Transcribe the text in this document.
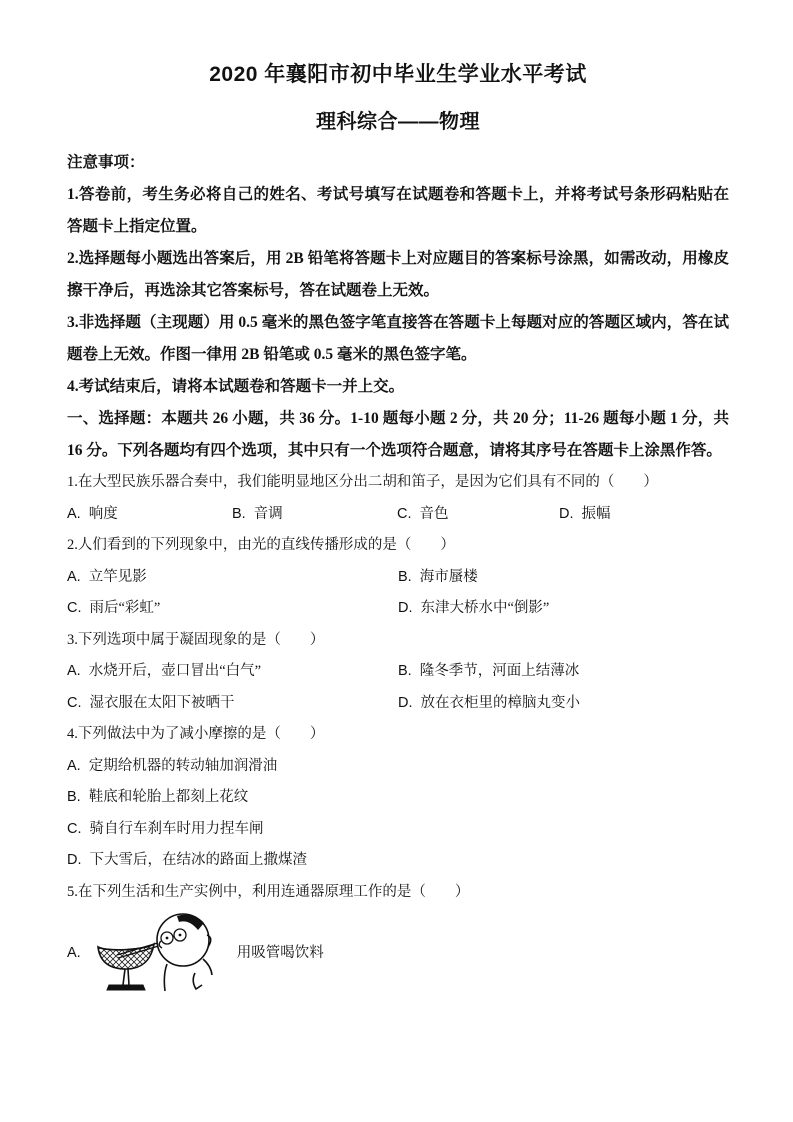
2020 年襄阳市初中毕业生学业水平考试
理科综合——物理
注意事项：

1.答卷前，考生务必将自己的姓名、考试号填写在试题卷和答题卡上，并将考试号条形码粘贴在答题卡上指定位置。

2.选择题每小题选出答案后，用 2B 铅笔将答题卡上对应题目的答案标号涂黑，如需改动，用橡皮擦干净后，再选涂其它答案标号，答在试题卷上无效。

3.非选择题（主现题）用 0.5 毫米的黑色签字笔直接答在答题卡上每题对应的答题区域内，答在试题卷上无效。作图一律用 2B 铅笔或 0.5 毫米的黑色签字笔。

4.考试结束后，请将本试题卷和答题卡一并上交。

一、选择题：本题共 26 小题，共 36 分。1-10 题每小题 2 分，共 20 分；11-26 题每小题 1 分，共 16 分。下列各题均有四个选项，其中只有一个选项符合题意，请将其序号在答题卡上涂黑作答。

1.在大型民族乐器合奏中，我们能明显地区分出二胡和笛子，是因为它们具有不同的（　　）
A. 响度	B. 音调	C. 音色	D. 振幅
2.人们看到的下列现象中，由光的直线传播形成的是（　　）
A. 立竿见影	B. 海市蜃楼
C. 雨后“彩虹”	D. 东津大桥水中“倒影”
3.下列选项中属于凝固现象的是（　　）
A. 水烧开后，壶口冒出“白气”	B. 隆冬季节，河面上结薄冰
C. 湿衣服在太阳下被晒干	D. 放在衣柜里的樟脑丸变小
4.下列做法中为了减小摩擦的是（　　）
A. 定期给机器的转动轴加润滑油
B. 鞋底和轮胎上都刻上花纹
C. 骑自行车刹车时用力捏车闸
D. 下大雪后，在结冰的路面上撒煤渣
5.在下列生活和生产实例中，利用连通器原理工作的是（　　）
A.	用吸管喝饮料
